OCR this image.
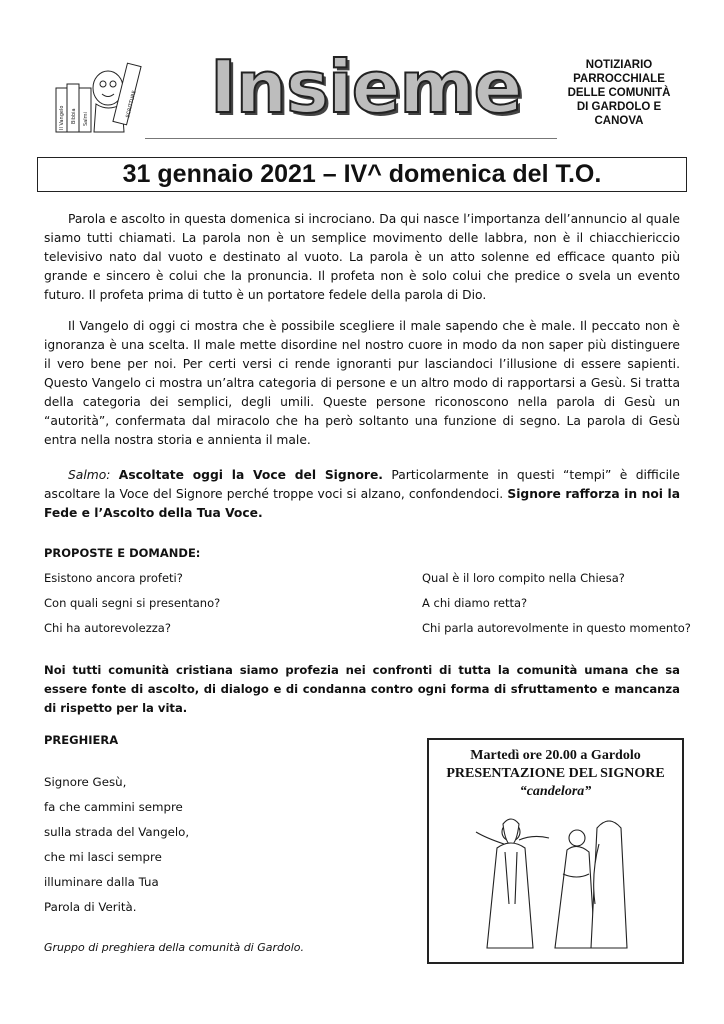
Il Vangelo Bibbia Salmi
SCRITTURE Insieme	NOTIZIARIO
PARROCCHIALE
DELLE COMUNITÀ
DI GARDOLO E
CANOVA
31 gennaio 2021 – IV^ domenica del T.O.

Parola e ascolto in questa domenica si incrociano. Da qui nasce l’importanza dell’annuncio al quale siamo tutti chiamati. La parola non è un semplice movimento delle labbra, non è il chiacchiericcio televisivo nato dal vuoto e destinato al vuoto. La parola è un atto solenne ed efficace quanto più grande e sincero è colui che la pronuncia. Il profeta non è solo colui che predice o svela un evento futuro. Il profeta prima di tutto è un portatore fedele della parola di Dio.

Il Vangelo di oggi ci mostra che è possibile scegliere il male sapendo che è male. Il peccato non è ignoranza è una scelta. Il male mette disordine nel nostro cuore in modo da non saper più distinguere il vero bene per noi. Per certi versi ci rende ignoranti pur lasciandoci l’illusione di essere sapienti. Questo Vangelo ci mostra un’altra categoria di persone e un altro modo di rapportarsi a Gesù. Si tratta della categoria dei semplici, degli umili. Queste persone riconoscono nella parola di Gesù un “autorità”, confermata dal miracolo che ha però soltanto una funzione di segno. La parola di Gesù entra nella nostra storia e annienta il male.

Salmo: Ascoltate oggi la Voce del Signore. Particolarmente in questi “tempi” è difficile ascoltare la Voce del Signore perché troppe voci si alzano, confondendoci. Signore rafforza in noi la Fede e l’Ascolto della Tua Voce.

PROPOSTE E DOMANDE:
Esistono ancora profeti?
Con quali segni si presentano?
Chi ha autorevolezza?
Qual è il loro compito nella Chiesa?
A chi diamo retta?
Chi parla autorevolmente in questo momento?

Noi tutti comunità cristiana siamo profezia nei confronti di tutta la comunità umana che sa essere fonte di ascolto, di dialogo e di condanna contro ogni forma di sfruttamento e mancanza di rispetto per la vita.

PREGHIERA
Signore Gesù,
fa che cammini sempre
sulla strada del Vangelo,
che mi lasci sempre
illuminare dalla Tua
Parola di Verità.
Gruppo di preghiera della comunità di Gardolo.
Martedì ore 20.00 a Gardolo
PRESENTAZIONE DEL SIGNORE
“candelora”
